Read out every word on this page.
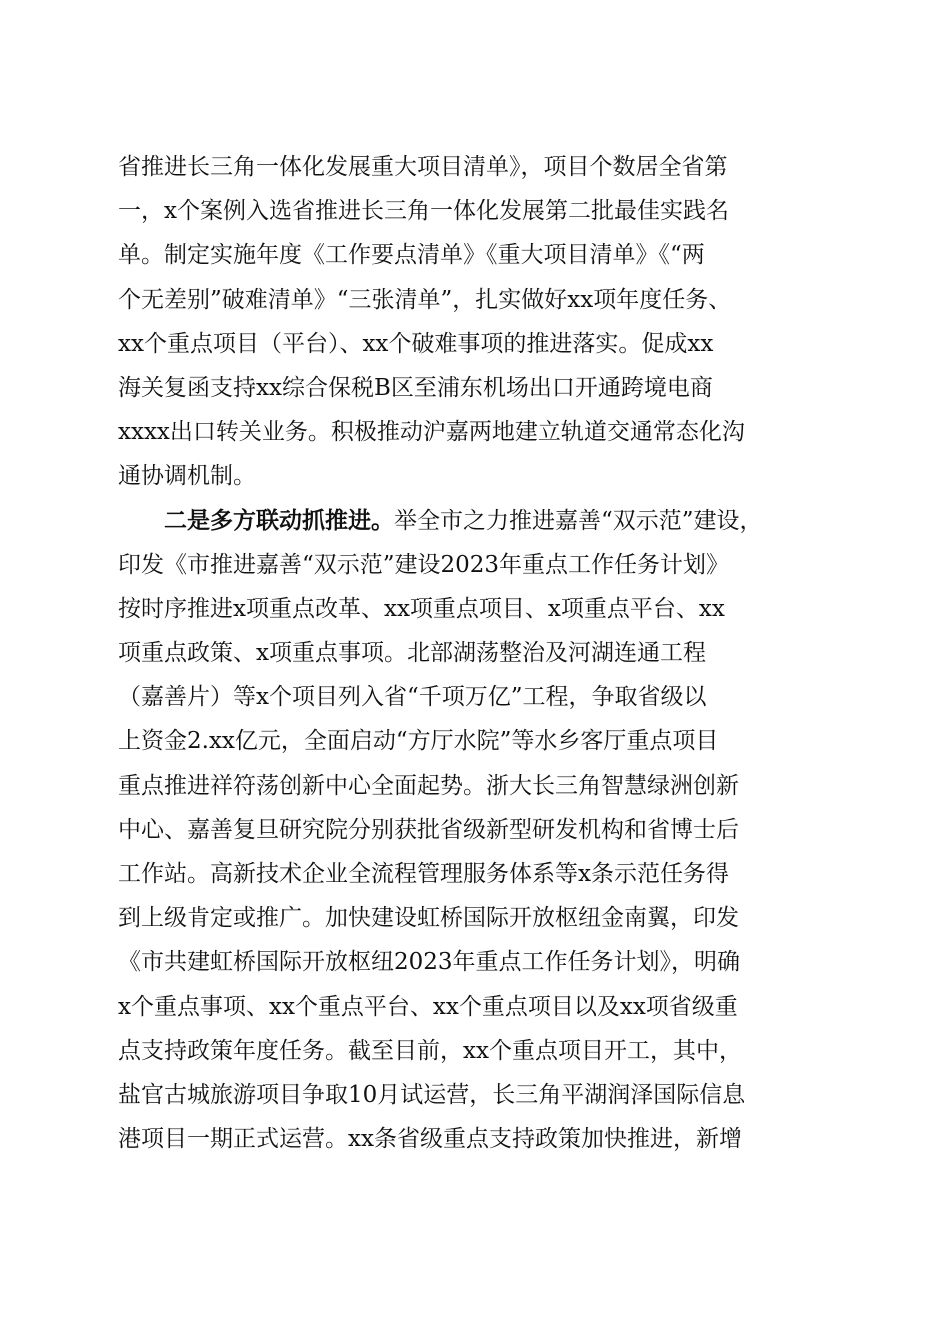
省推进长三角一体化发展重大项目清单》，项目个数居全省第
一，x个案例入选省推进长三角一体化发展第二批最佳实践名
单。制定实施年度《工作要点清单》《重大项目清单》《“两
个无差别”破难清单》“三张清单”，扎实做好xx项年度任务、
xx个重点项目（平台）、xx个破难事项的推进落实。促成xx
海关复函支持xx综合保税B区至浦东机场出口开通跨境电商
xxxx出口转关业务。积极推动沪嘉两地建立轨道交通常态化沟
通协调机制。
二是多方联动抓推进。举全市之力推进嘉善“双示范”建设，
印发《市推进嘉善“双示范”建设2023年重点工作任务计划》
按时序推进x项重点改革、xx项重点项目、x项重点平台、xx
项重点政策、x项重点事项。北部湖荡整治及河湖连通工程
（嘉善片）等x个项目列入省“千项万亿”工程，争取省级以
上资金2.xx亿元，全面启动“方厅水院”等水乡客厅重点项目
重点推进祥符荡创新中心全面起势。浙大长三角智慧绿洲创新
中心、嘉善复旦研究院分别获批省级新型研发机构和省博士后
工作站。高新技术企业全流程管理服务体系等x条示范任务得
到上级肯定或推广。加快建设虹桥国际开放枢纽金南翼，印发
《市共建虹桥国际开放枢纽2023年重点工作任务计划》，明确
x个重点事项、xx个重点平台、xx个重点项目以及xx项省级重
点支持政策年度任务。截至目前，xx个重点项目开工，其中，
盐官古城旅游项目争取10月试运营，长三角平湖润泽国际信息
港项目一期正式运营。xx条省级重点支持政策加快推进，新增
